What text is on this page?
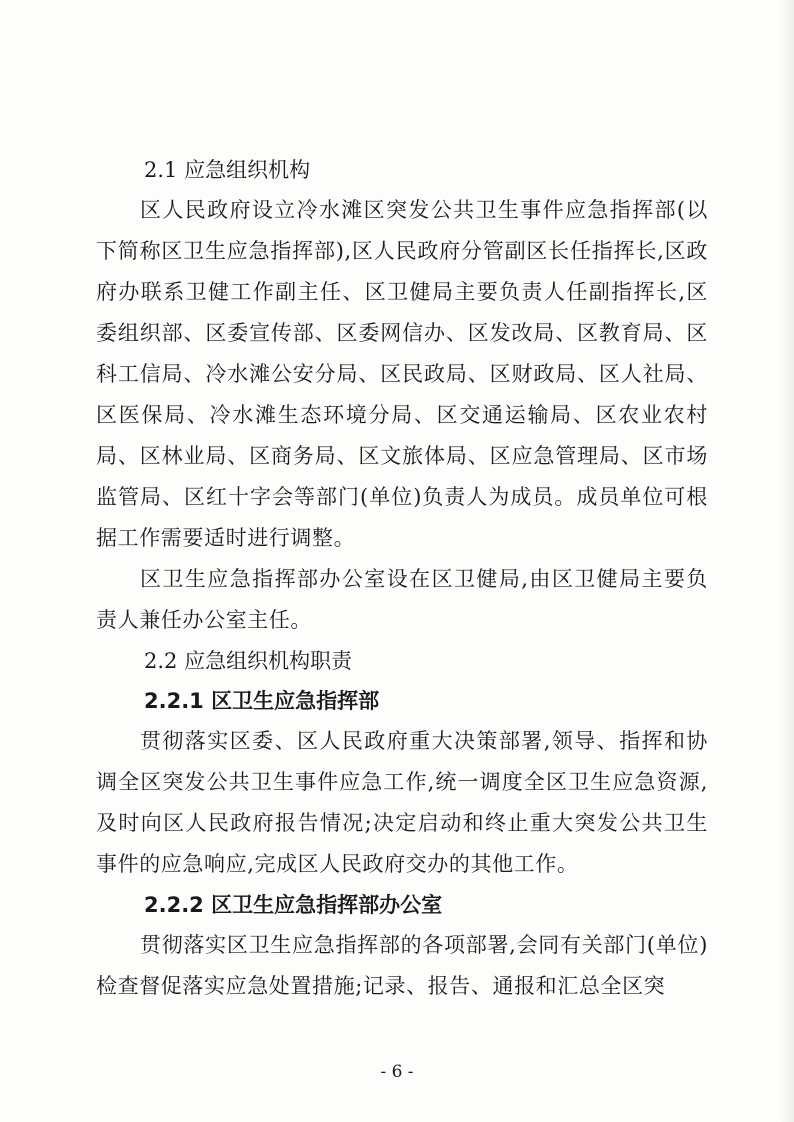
2.1 应急组织机构

区人民政府设立冷水滩区突发公共卫生事件应急指挥部(以下简称区卫生应急指挥部),区人民政府分管副区长任指挥长,区政府办联系卫健工作副主任、区卫健局主要负责人任副指挥长,区委组织部、区委宣传部、区委网信办、区发改局、区教育局、区科工信局、冷水滩公安分局、区民政局、区财政局、区人社局、区医保局、冷水滩生态环境分局、区交通运输局、区农业农村局、区林业局、区商务局、区文旅体局、区应急管理局、区市场监管局、区红十字会等部门(单位)负责人为成员。成员单位可根据工作需要适时进行调整。

区卫生应急指挥部办公室设在区卫健局,由区卫健局主要负责人兼任办公室主任。

2.2 应急组织机构职责
2.2.1 区卫生应急指挥部

贯彻落实区委、区人民政府重大决策部署,领导、指挥和协调全区突发公共卫生事件应急工作,统一调度全区卫生应急资源,及时向区人民政府报告情况;决定启动和终止重大突发公共卫生事件的应急响应,完成区人民政府交办的其他工作。

2.2.2 区卫生应急指挥部办公室

贯彻落实区卫生应急指挥部的各项部署,会同有关部门(单位)检查督促落实应急处置措施;记录、报告、通报和汇总全区突

- 6 -
